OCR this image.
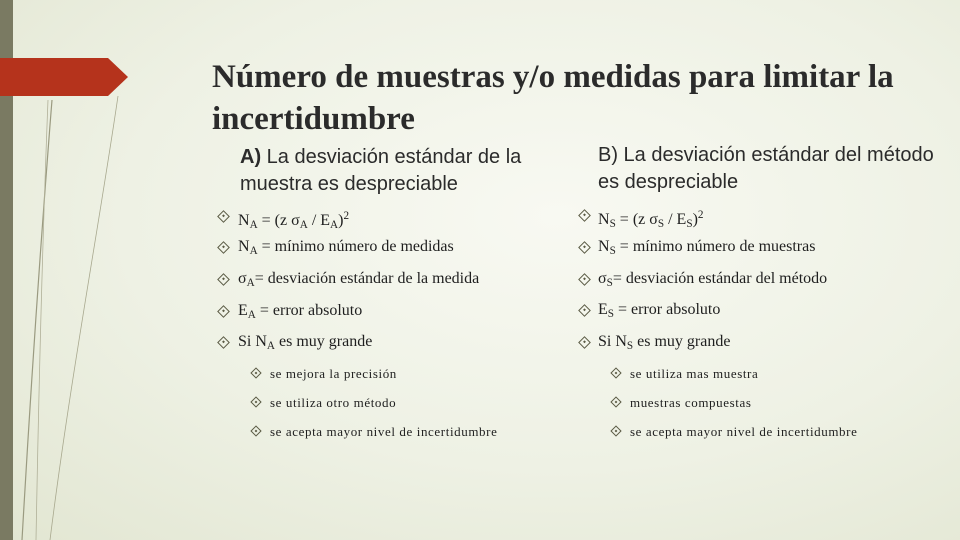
Número de muestras y/o medidas para limitar la incertidumbre
A) La desviación estándar de la muestra es despreciable
B) La desviación estándar del método es despreciable
$N_A = (z$ $\sigma_A / E_A)^2$
$N_A$ = mínimo número de medidas
$\sigma_A=$ desviación estándar de la medida
$E_A$ = error absoluto
Si $N_A$ es muy grande
se mejora la precisión
se utiliza otro método
se acepta mayor nivel de incertidumbre
$N_S = (z$ $\sigma_S / E_S)^2$
$N_S$ = mínimo número de muestras
$\sigma_S=$ desviación estándar del método
$E_S$ = error absoluto
Si $N_S$ es muy grande
se utiliza mas muestra
muestras compuestas
se acepta mayor nivel de incertidumbre
